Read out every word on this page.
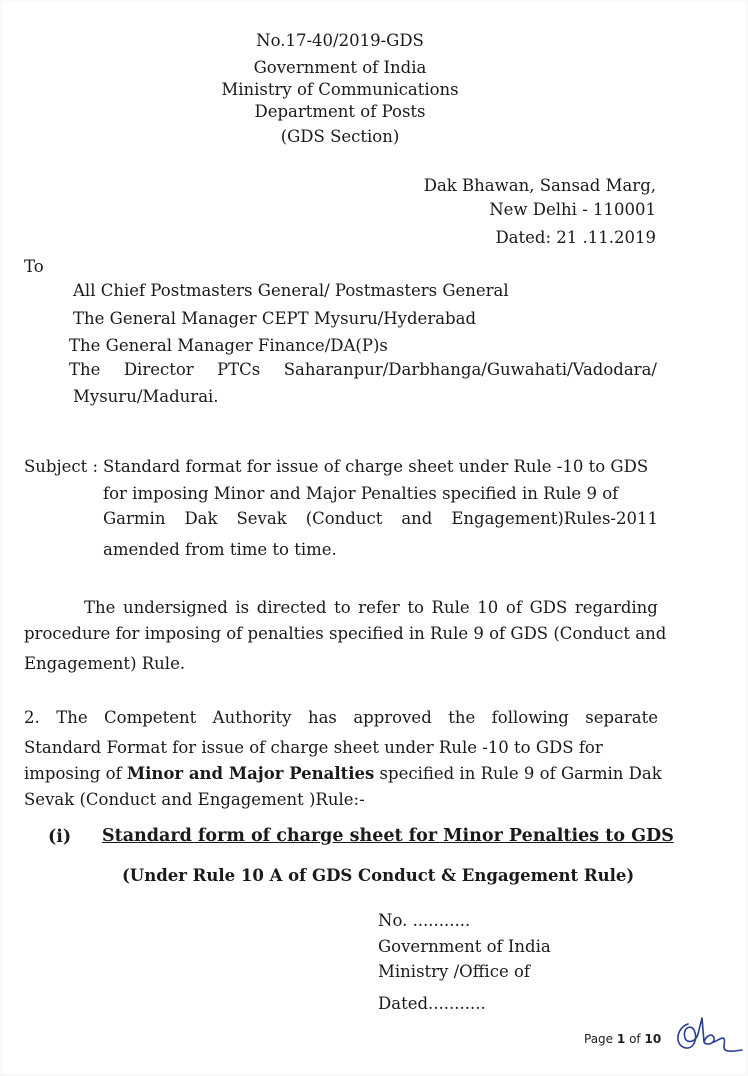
No.17-40/2019-GDS
Government of India
Ministry of Communications
Department of Posts
(GDS Section)
Dak Bhawan, Sansad Marg,
New Delhi - 110001
Dated: 21 .11.2019
To
All Chief Postmasters General/ Postmasters General
The General Manager CEPT Mysuru/Hyderabad
The General Manager Finance/DA(P)s
The Director PTCs Saharanpur/Darbhanga/Guwahati/Vadodara/
Mysuru/Madurai.
Subject : Standard format for issue of charge sheet under Rule -10 to GDS
for imposing Minor and Major Penalties specified in Rule 9 of
Garmin Dak Sevak (Conduct and Engagement)Rules-2011
amended from time to time.
The undersigned is directed to refer to Rule 10 of GDS regarding
procedure for imposing of penalties specified in Rule 9 of GDS (Conduct and
Engagement) Rule.
2. The Competent Authority has approved the following separate
Standard Format for issue of charge sheet under Rule -10 to GDS for
imposing of Minor and Major Penalties specified in Rule 9 of Garmin Dak
Sevak (Conduct and Engagement )Rule:-
(i) Standard form of charge sheet for Minor Penalties to GDS
(Under Rule 10 A of GDS Conduct & Engagement Rule)
No. ...........
Government of India
Ministry /Office of
Dated...........
Page 1 of 10
